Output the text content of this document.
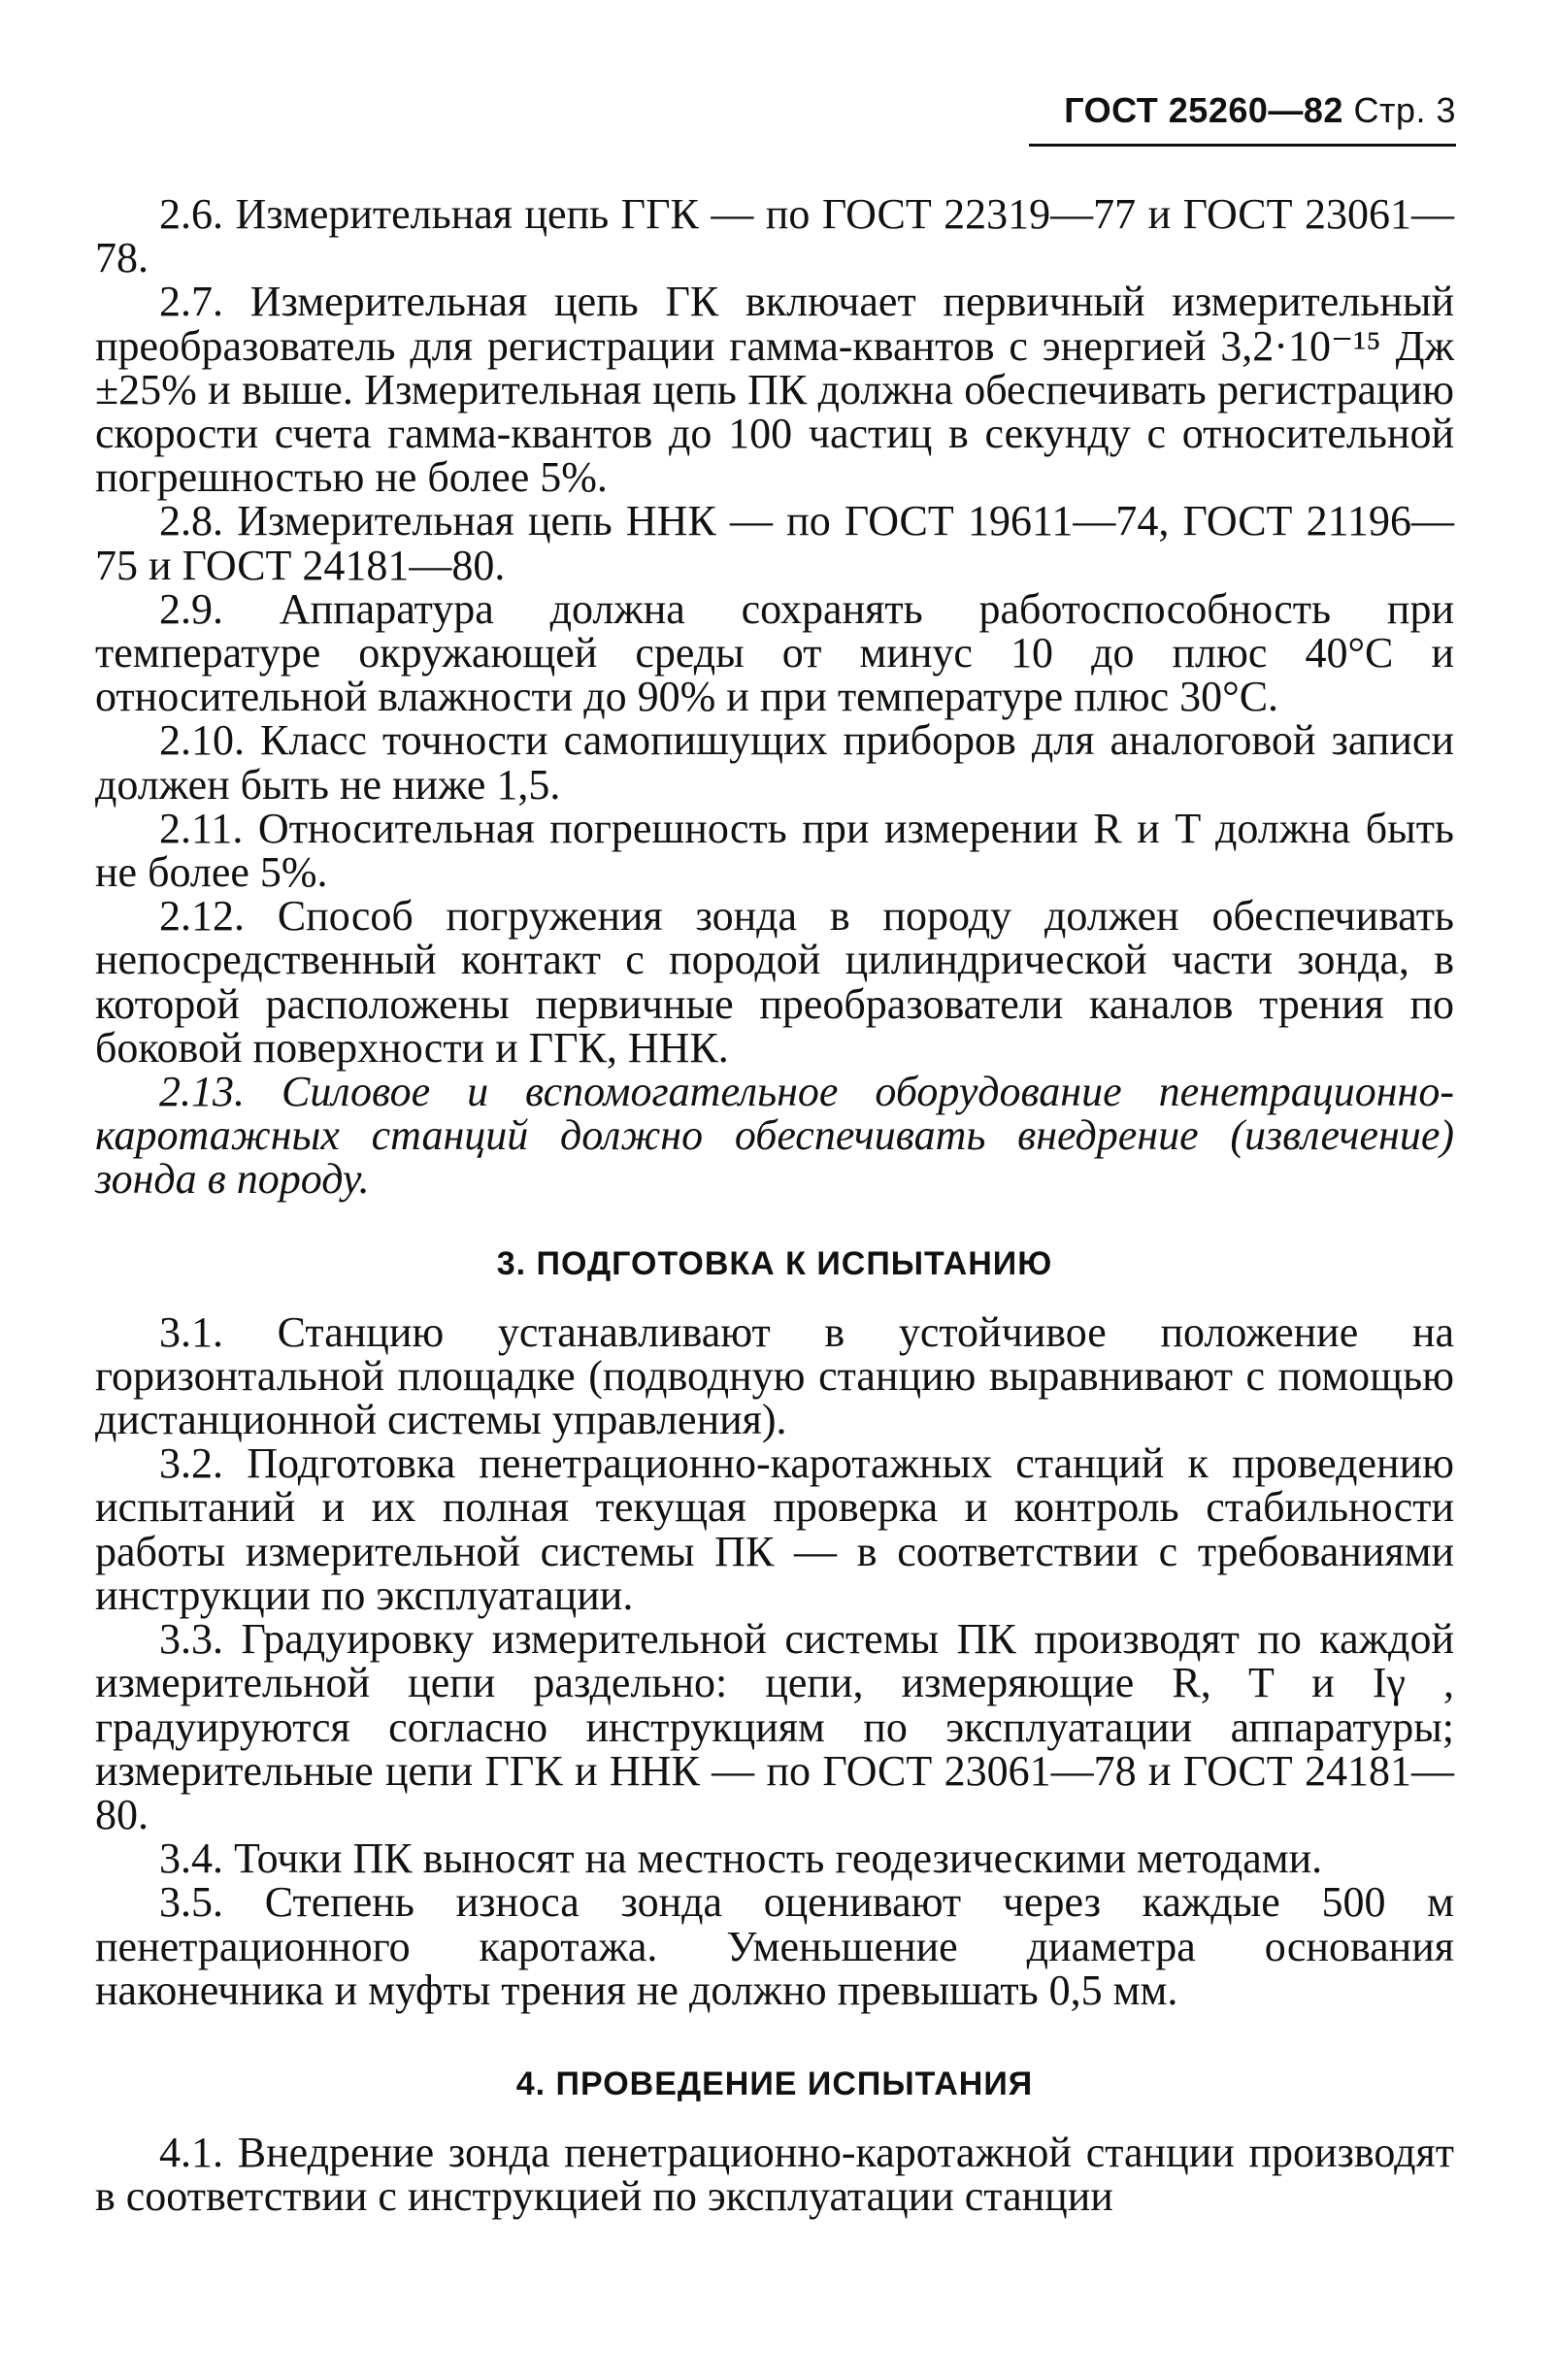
ГОСТ 25260—82 Стр. 3

2.6. Измерительная цепь ГГК — по ГОСТ 22319—77 и ГОСТ 23061—78.

2.7. Измерительная цепь ГК включает первичный измерительный преобразователь для регистрации гамма-квантов с энергией 3,2·10⁻¹⁵ Дж ±25% и выше. Измерительная цепь ПК должна обеспечивать регистрацию скорости счета гамма-квантов до 100 частиц в секунду с относительной погрешностью не более 5%.

2.8. Измерительная цепь ННК — по ГОСТ 19611—74, ГОСТ 21196—75 и ГОСТ 24181—80.

2.9. Аппаратура должна сохранять работоспособность при температуре окружающей среды от минус 10 до плюс 40°С и относительной влажности до 90% и при температуре плюс 30°С.

2.10. Класс точности самопишущих приборов для аналоговой записи должен быть не ниже 1,5.

2.11. Относительная погрешность при измерении R и T должна быть не более 5%.

2.12. Способ погружения зонда в породу должен обеспечивать непосредственный контакт с породой цилиндрической части зонда, в которой расположены первичные преобразователи каналов трения по боковой поверхности и ГГК, ННК.

2.13. Силовое и вспомогательное оборудование пенетрационно-каротажных станций должно обеспечивать внедрение (извлечение) зонда в породу.

3. ПОДГОТОВКА К ИСПЫТАНИЮ

3.1. Станцию устанавливают в устойчивое положение на горизонтальной площадке (подводную станцию выравнивают с помощью дистанционной системы управления).

3.2. Подготовка пенетрационно-каротажных станций к проведению испытаний и их полная текущая проверка и контроль стабильности работы измерительной системы ПК — в соответствии с требованиями инструкции по эксплуатации.

3.3. Градуировку измерительной системы ПК производят по каждой измерительной цепи раздельно: цепи, измеряющие R, T и Iγ , градуируются согласно инструкциям по эксплуатации аппаратуры; измерительные цепи ГГК и ННК — по ГОСТ 23061—78 и ГОСТ 24181—80.

3.4. Точки ПК выносят на местность геодезическими методами.

3.5. Степень износа зонда оценивают через каждые 500 м пенетрационного каротажа. Уменьшение диаметра основания наконечника и муфты трения не должно превышать 0,5 мм.

4. ПРОВЕДЕНИЕ ИСПЫТАНИЯ

4.1. Внедрение зонда пенетрационно-каротажной станции производят в соответствии с инструкцией по эксплуатации станции
